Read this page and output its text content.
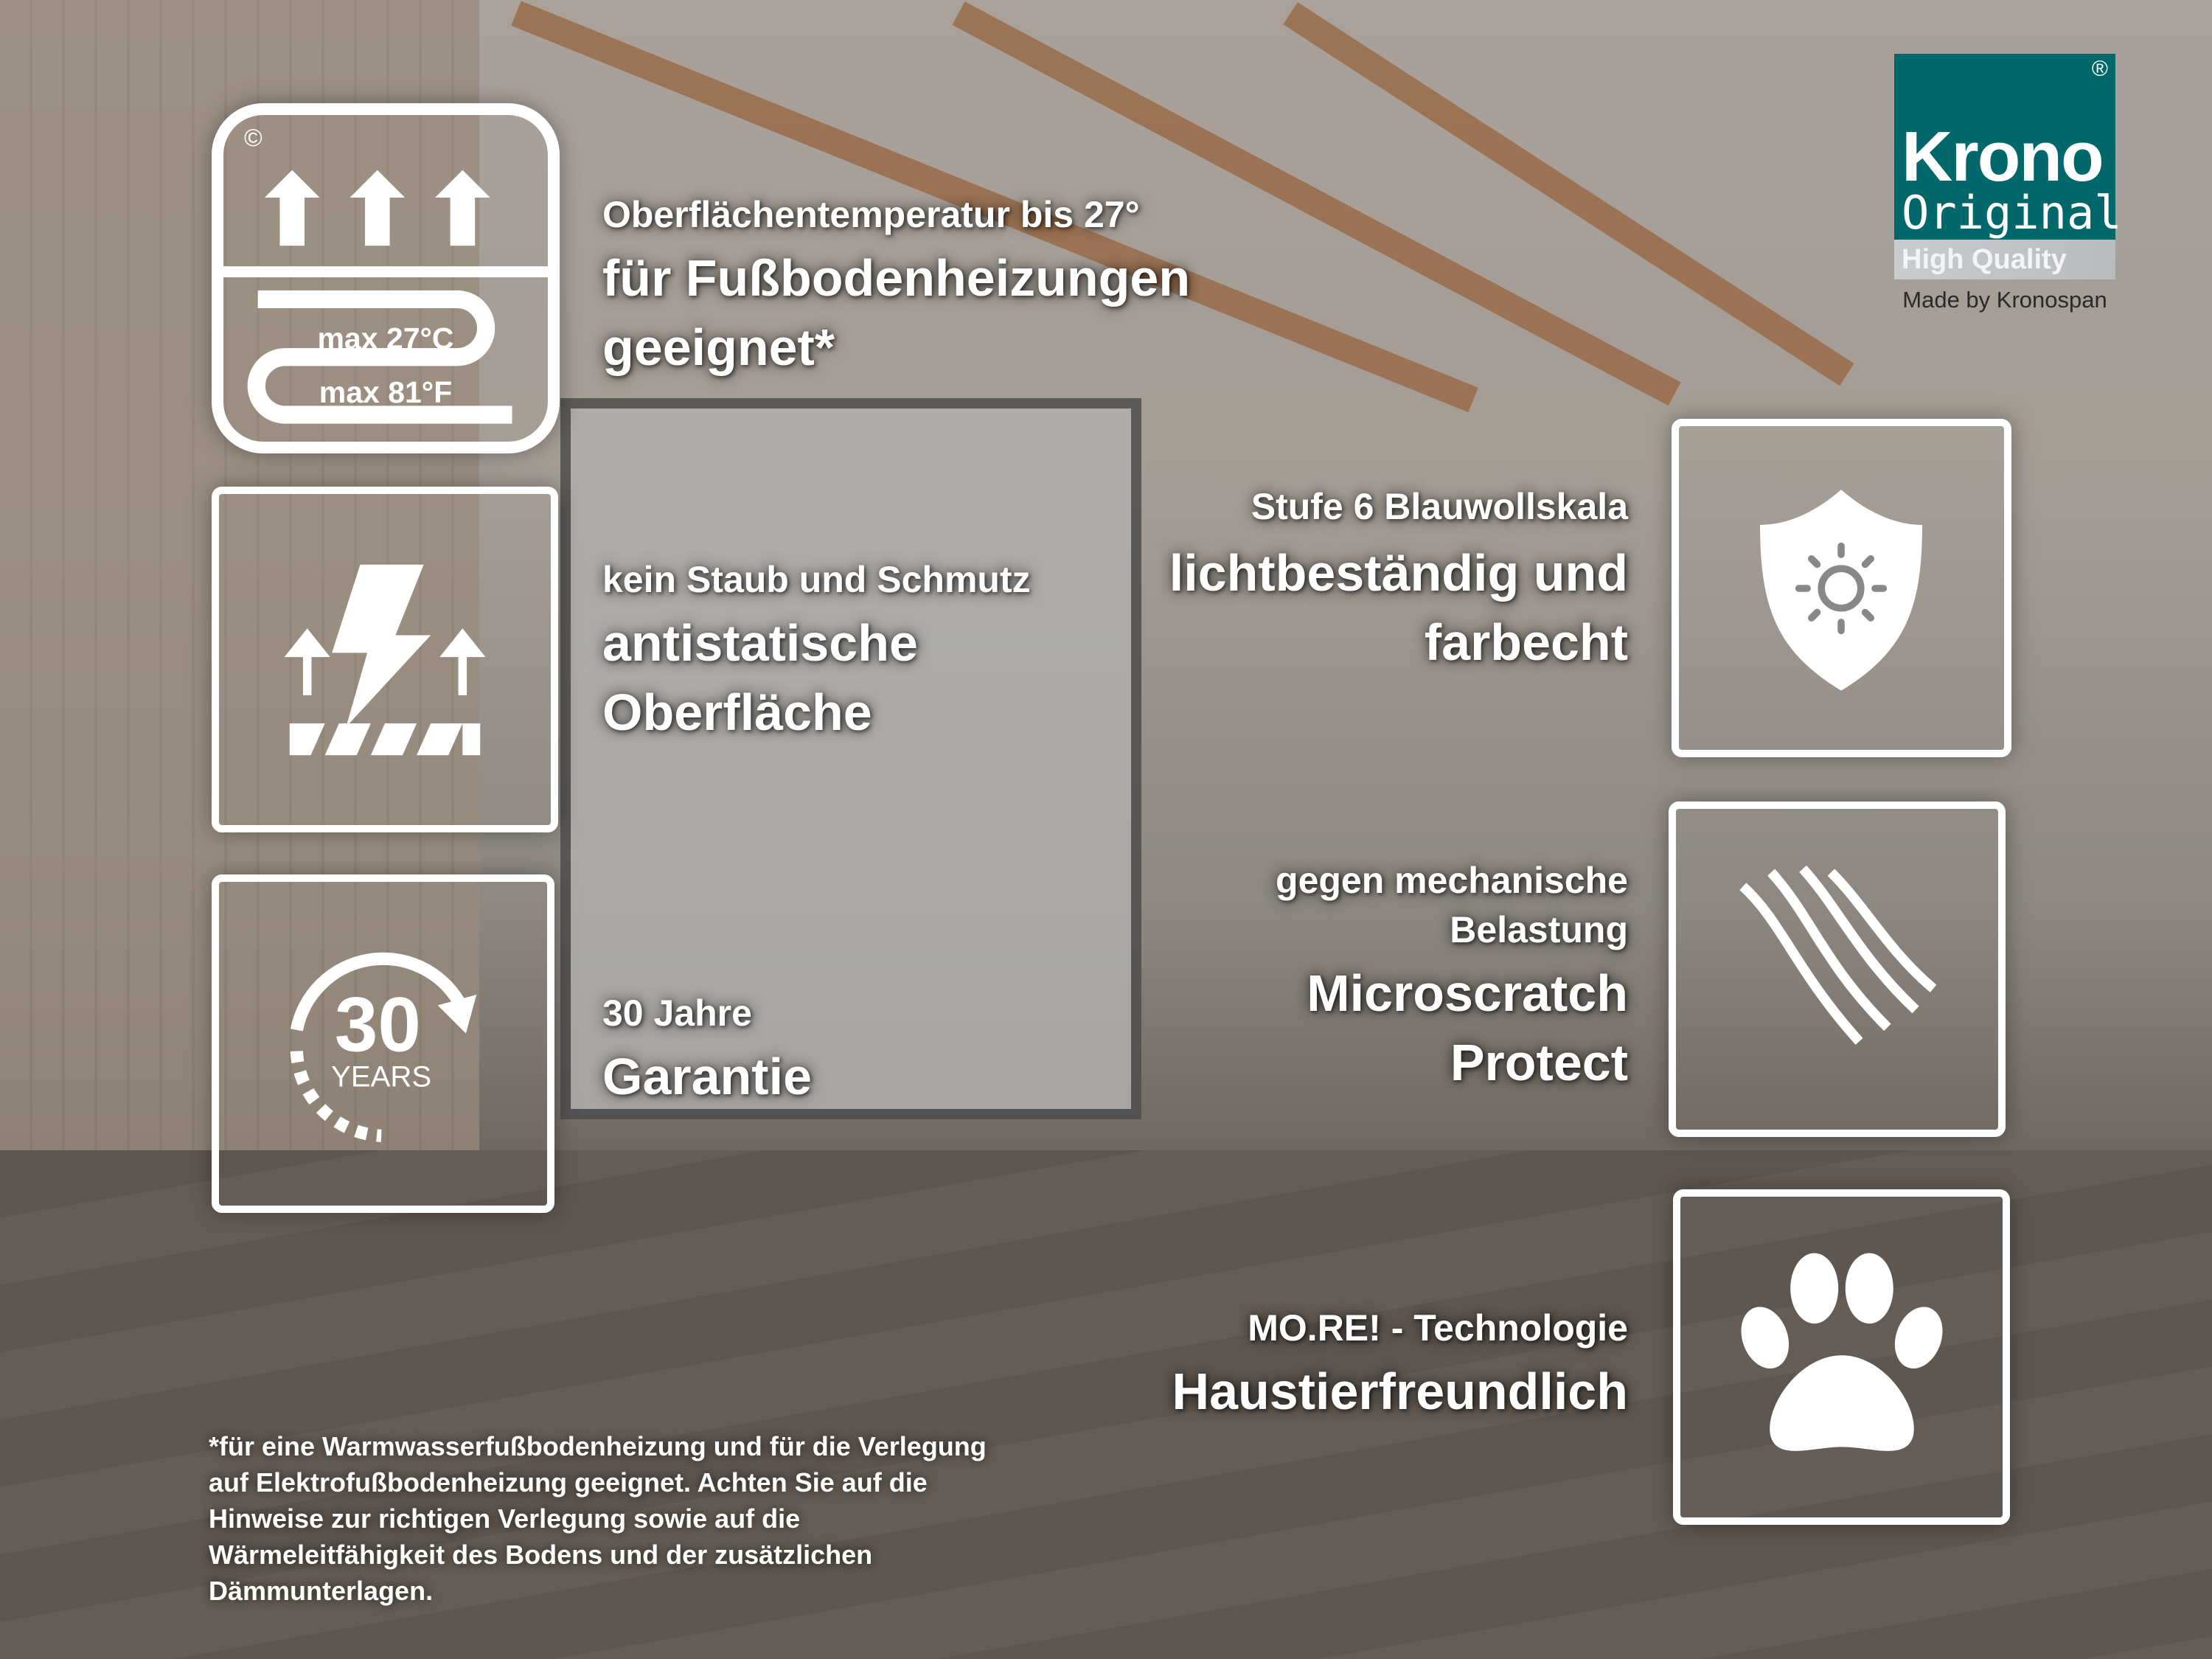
®
Krono
Original
High Quality
Made by Kronospan
©
max 27°C
max 81°F
Oberflächentemperatur bis 27°
für Fußbodenheizungen
geeignet*
kein Staub und Schmutz
antistatische
Oberfläche
30
YEARS
30 Jahre
Garantie
Stufe 6 Blauwollskala
lichtbeständig und
farbecht
gegen mechanische
Belastung
Microscratch
Protect
MO.RE! - Technologie
Haustierfreundlich
*für eine Warmwasserfußbodenheizung und für die Verlegung
auf Elektrofußbodenheizung geeignet. Achten Sie auf die
Hinweise zur richtigen Verlegung sowie auf die
Wärmeleitfähigkeit des Bodens und der zusätzlichen
Dämmunterlagen.
